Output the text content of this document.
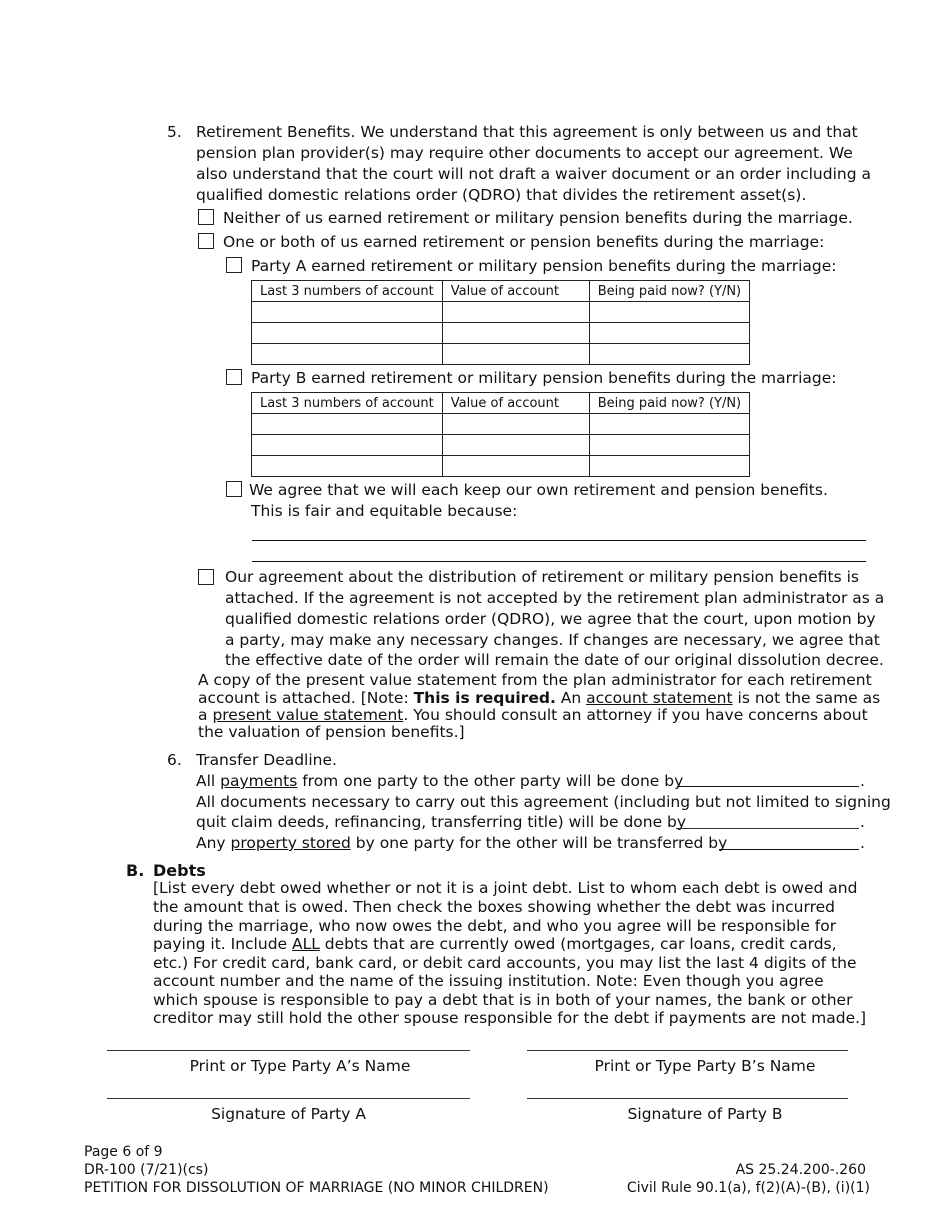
5. Retirement Benefits. We understand that this agreement is only between us and that
pension plan provider(s) may require other documents to accept our agreement. We
also understand that the court will not draft a waiver document or an order including a
qualified domestic relations order (QDRO) that divides the retirement asset(s).
Neither of us earned retirement or military pension benefits during the marriage.
One or both of us earned retirement or pension benefits during the marriage:
Party A earned retirement or military pension benefits during the marriage:
Last 3 numbers of account	Value of account	Being paid now? (Y/N)

Party B earned retirement or military pension benefits during the marriage:
Last 3 numbers of account	Value of account	Being paid now? (Y/N)

We agree that we will each keep our own retirement and pension benefits.
This is fair and equitable because:
Our agreement about the distribution of retirement or military pension benefits is
attached. If the agreement is not accepted by the retirement plan administrator as a
qualified domestic relations order (QDRO), we agree that the court, upon motion by
a party, may make any necessary changes. If changes are necessary, we agree that
the effective date of the order will remain the date of our original dissolution decree.
A copy of the present value statement from the plan administrator for each retirement
account is attached. [Note: This is required. An account statement is not the same as
a present value statement. You should consult an attorney if you have concerns about
the valuation of pension benefits.]
6. Transfer Deadline.
All payments from one party to the other party will be done by	.
All documents necessary to carry out this agreement (including but not limited to signing
quit claim deeds, refinancing, transferring title) will be done by	.
Any property stored by one party for the other will be transferred by	.
B. Debts
[List every debt owed whether or not it is a joint debt. List to whom each debt is owed and
the amount that is owed. Then check the boxes showing whether the debt was incurred
during the marriage, who now owes the debt, and who you agree will be responsible for
paying it. Include ALL debts that are currently owed (mortgages, car loans, credit cards,
etc.) For credit card, bank card, or debit card accounts, you may list the last 4 digits of the
account number and the name of the issuing institution. Note: Even though you agree
which spouse is responsible to pay a debt that is in both of your names, the bank or other
creditor may still hold the other spouse responsible for the debt if payments are not made.]
Print or Type Party A’s Name	Print or Type Party B’s Name
Signature of Party A	Signature of Party B
Page 6 of 9
DR-100 (7/21)(cs)
PETITION FOR DISSOLUTION OF MARRIAGE (NO MINOR CHILDREN)
AS 25.24.200-.260
Civil Rule 90.1(a), f(2)(A)-(B), (i)(1)
